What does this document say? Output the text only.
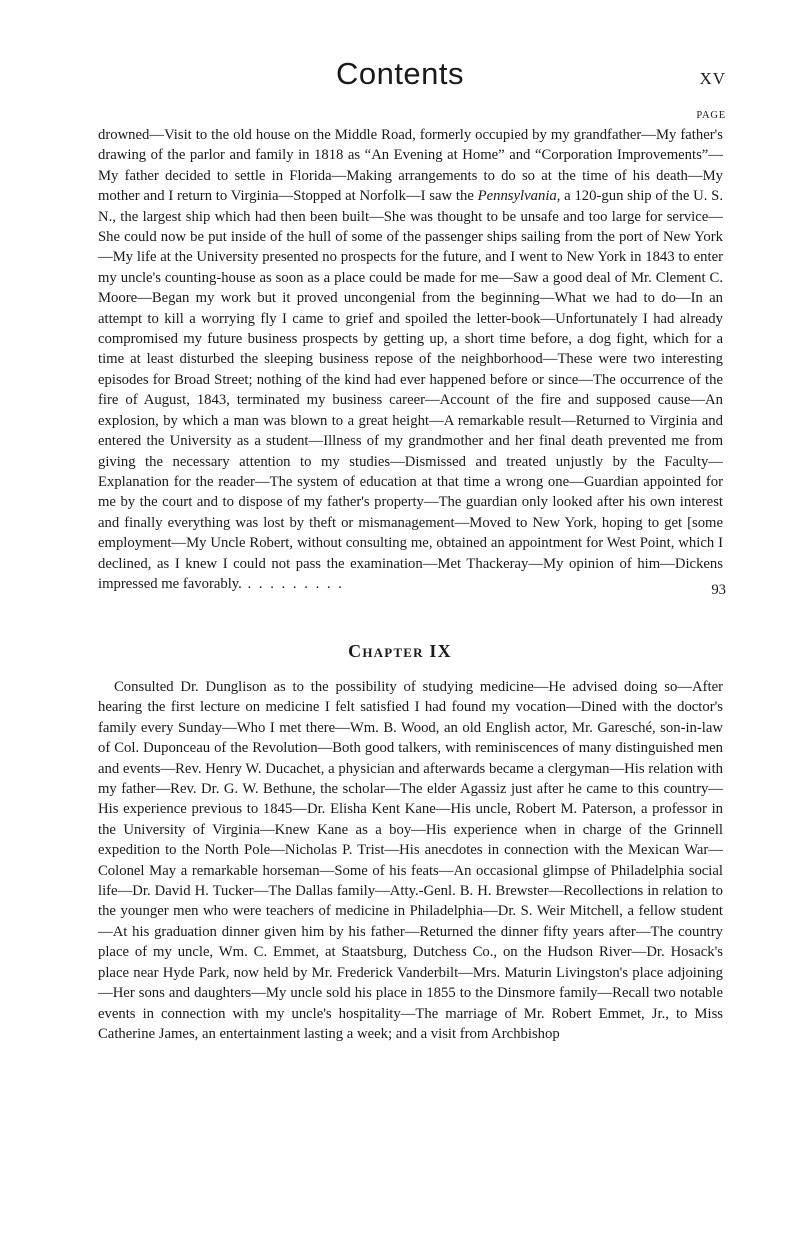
Contents	xv
PAGE

drowned—Visit to the old house on the Middle Road, formerly occupied by my grandfather—My father's drawing of the parlor and family in 1818 as “An Evening at Home” and “Corporation Improvements”—My father decided to settle in Florida—Making arrangements to do so at the time of his death—My mother and I return to Virginia—Stopped at Norfolk—I saw the Pennsylvania, a 120-gun ship of the U. S. N., the largest ship which had then been built—She was thought to be unsafe and too large for service—She could now be put inside of the hull of some of the passenger ships sailing from the port of New York—My life at the University presented no prospects for the future, and I went to New York in 1843 to enter my uncle's counting-house as soon as a place could be made for me—Saw a good deal of Mr. Clement C. Moore—Began my work but it proved uncongenial from the beginning—What we had to do—In an attempt to kill a worrying fly I came to grief and spoiled the letter-book—Unfortunately I had already compromised my future business prospects by getting up, a short time before, a dog fight, which for a time at least disturbed the sleeping business repose of the neighborhood—These were two interesting episodes for Broad Street; nothing of the kind had ever happened before or since—The occurrence of the fire of August, 1843, terminated my business career—Account of the fire and supposed cause—An explosion, by which a man was blown to a great height—A remarkable result—Returned to Virginia and entered the University as a student—Illness of my grandmother and her final death prevented me from giving the necessary attention to my studies—Dismissed and treated unjustly by the Faculty—Explanation for the reader—The system of education at that time a wrong one—Guardian appointed for me by the court and to dispose of my father's property—The guardian only looked after his own interest and finally everything was lost by theft or mismanagement—Moved to New York, hoping to get [some employment—My Uncle Robert, without consulting me, obtained an appointment for West Point, which I declined, as I knew I could not pass the examination—Met Thackeray—My opinion of him—Dickens impressed me favorably. . . . . . . . . .	93
Chapter IX

Consulted Dr. Dunglison as to the possibility of studying medicine—He advised doing so—After hearing the first lecture on medicine I felt satisfied I had found my vocation—Dined with the doctor's family every Sunday—Who I met there—Wm. B. Wood, an old English actor, Mr. Garesché, son-in-law of Col. Duponceau of the Revolution—Both good talkers, with reminiscences of many distinguished men and events—Rev. Henry W. Ducachet, a physician and afterwards became a clergyman—His relation with my father—Rev. Dr. G. W. Bethune, the scholar—The elder Agassiz just after he came to this country—His experience previous to 1845—Dr. Elisha Kent Kane—His uncle, Robert M. Paterson, a professor in the University of Virginia—Knew Kane as a boy—His experience when in charge of the Grinnell expedition to the North Pole—Nicholas P. Trist—His anecdotes in connection with the Mexican War—Colonel May a remarkable horseman—Some of his feats—An occasional glimpse of Philadelphia social life—Dr. David H. Tucker—The Dallas family—Atty.-Genl. B. H. Brewster—Recollections in relation to the younger men who were teachers of medicine in Philadelphia—Dr. S. Weir Mitchell, a fellow student—At his graduation dinner given him by his father—Returned the dinner fifty years after—The country place of my uncle, Wm. C. Emmet, at Staatsburg, Dutchess Co., on the Hudson River—Dr. Hosack's place near Hyde Park, now held by Mr. Frederick Vanderbilt—Mrs. Maturin Livingston's place adjoining—Her sons and daughters—My uncle sold his place in 1855 to the Dinsmore family—Recall two notable events in connection with my uncle's hospitality—The marriage of Mr. Robert Emmet, Jr., to Miss Catherine James, an entertainment lasting a week; and a visit from Archbishop
